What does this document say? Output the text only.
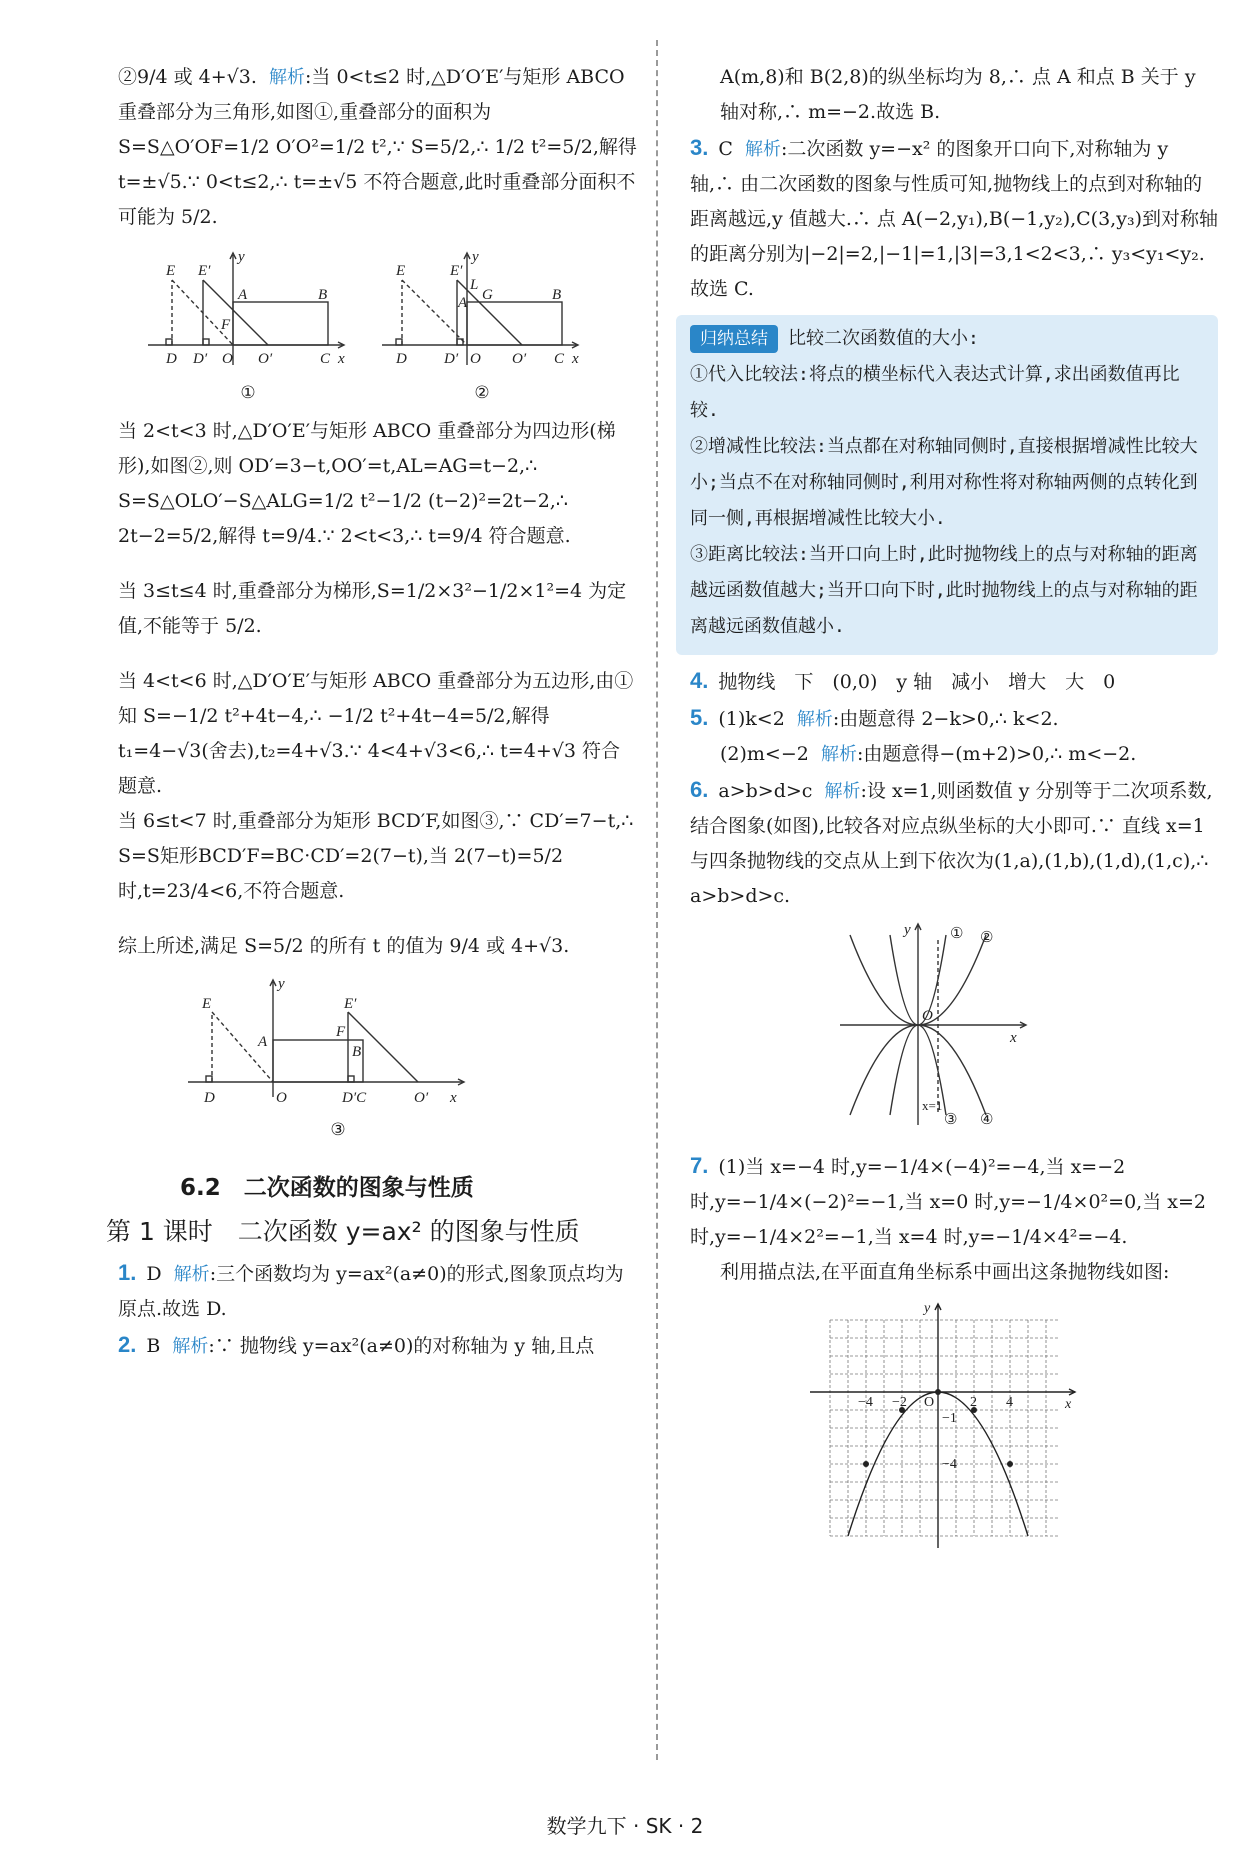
②9/4 或 4+√3. 解析:当 0<t≤2 时,△D′O′E′与矩形 ABCO 重叠部分为三角形,如图①,重叠部分的面积为 S=S△O′OF=1/2 O′O²=1/2 t²,∵ S=5/2,∴ 1/2 t²=5/2,解得 t=±√5.∵ 0<t≤2,∴ t=±√5 不符合题意,此时重叠部分面积不可能为 5/2.

E E′
y
A	B
F
D D′ O O′	C x
①
E	E′
y
L
A G	B
D D′ O O′ C x
②

当 2<t<3 时,△D′O′E′与矩形 ABCO 重叠部分为四边形(梯形),如图②,则 OD′=3−t,OO′=t,AL=AG=t−2,∴ S=S△OLO′−S△ALG=1/2 t²−1/2 (t−2)²=2t−2,∴ 2t−2=5/2,解得 t=9/4.∵ 2<t<3,∴ t=9/4 符合题意.

当 3≤t≤4 时,重叠部分为梯形,S=1/2×3²−1/2×1²=4 为定值,不能等于 5/2.

当 4<t<6 时,△D′O′E′与矩形 ABCO 重叠部分为五边形,由①知 S=−1/2 t²+4t−4,∴ −1/2 t²+4t−4=5/2,解得 t₁=4−√3(舍去),t₂=4+√3.∵ 4<4+√3<6,∴ t=4+√3 符合题意.

当 6≤t<7 时,重叠部分为矩形 BCD′F,如图③,∵ CD′=7−t,∴ S=S矩形BCD′F=BC·CD′=2(7−t),当 2(7−t)=5/2 时,t=23/4<6,不符合题意.

综上所述,满足 S=5/2 的所有 t 的值为 9/4 或 4+√3.

E	E′
y
A
F
B
D	O	D′C	O′ x
③
6.2　二次函数的图象与性质
第 1 课时　二次函数 y=ax² 的图象与性质

1. D 解析:三个函数均为 y=ax²(a≠0)的形式,图象顶点均为原点.故选 D.

2. B 解析:∵ 抛物线 y=ax²(a≠0)的对称轴为 y 轴,且点

A(m,8)和 B(2,8)的纵坐标均为 8,∴ 点 A 和点 B 关于 y 轴对称,∴ m=−2.故选 B.

3. C 解析:二次函数 y=−x² 的图象开口向下,对称轴为 y 轴,∴ 由二次函数的图象与性质可知,抛物线上的点到对称轴的距离越远,y 值越大.∴ 点 A(−2,y₁),B(−1,y₂),C(3,y₃)到对称轴的距离分别为|−2|=2,|−1|=1,|3|=3,1<2<3,∴ y₃<y₁<y₂.故选 C.

归纳总结 比较二次函数值的大小:
①代入比较法:将点的横坐标代入表达式计算,求出函数值再比较.
②增减性比较法:当点都在对称轴同侧时,直接根据增减性比较大小;当点不在对称轴同侧时,利用对称性将对称轴两侧的点转化到同一侧,再根据增减性比较大小.
③距离比较法:当开口向上时,此时抛物线上的点与对称轴的距离越远函数值越大;当开口向下时,此时抛物线上的点与对称轴的距离越远函数值越小.

4. 抛物线　下　(0,0)　y 轴　减小　增大　大　0

5. (1)k<2 解析:由题意得 2−k>0,∴ k<2.

(2)m<−2 解析:由题意得−(m+2)>0,∴ m<−2.

6. a>b>d>c 解析:设 x=1,则函数值 y 分别等于二次项系数,结合图象(如图),比较各对应点纵坐标的大小即可.∵ 直线 x=1 与四条抛物线的交点从上到下依次为(1,a),(1,b),(1,d),(1,c),∴ a>b>d>c.

y	① ②
O
x
x=1
③ ④

7. (1)当 x=−4 时,y=−1/4×(−4)²=−4,当 x=−2 时,y=−1/4×(−2)²=−1,当 x=0 时,y=−1/4×0²=0,当 x=2 时,y=−1/4×2²=−1,当 x=4 时,y=−1/4×4²=−4.

利用描点法,在平面直角坐标系中画出这条抛物线如图:

y
x
−4 −2 O	2 4
−1
−4
数学九下 · SK · 2
